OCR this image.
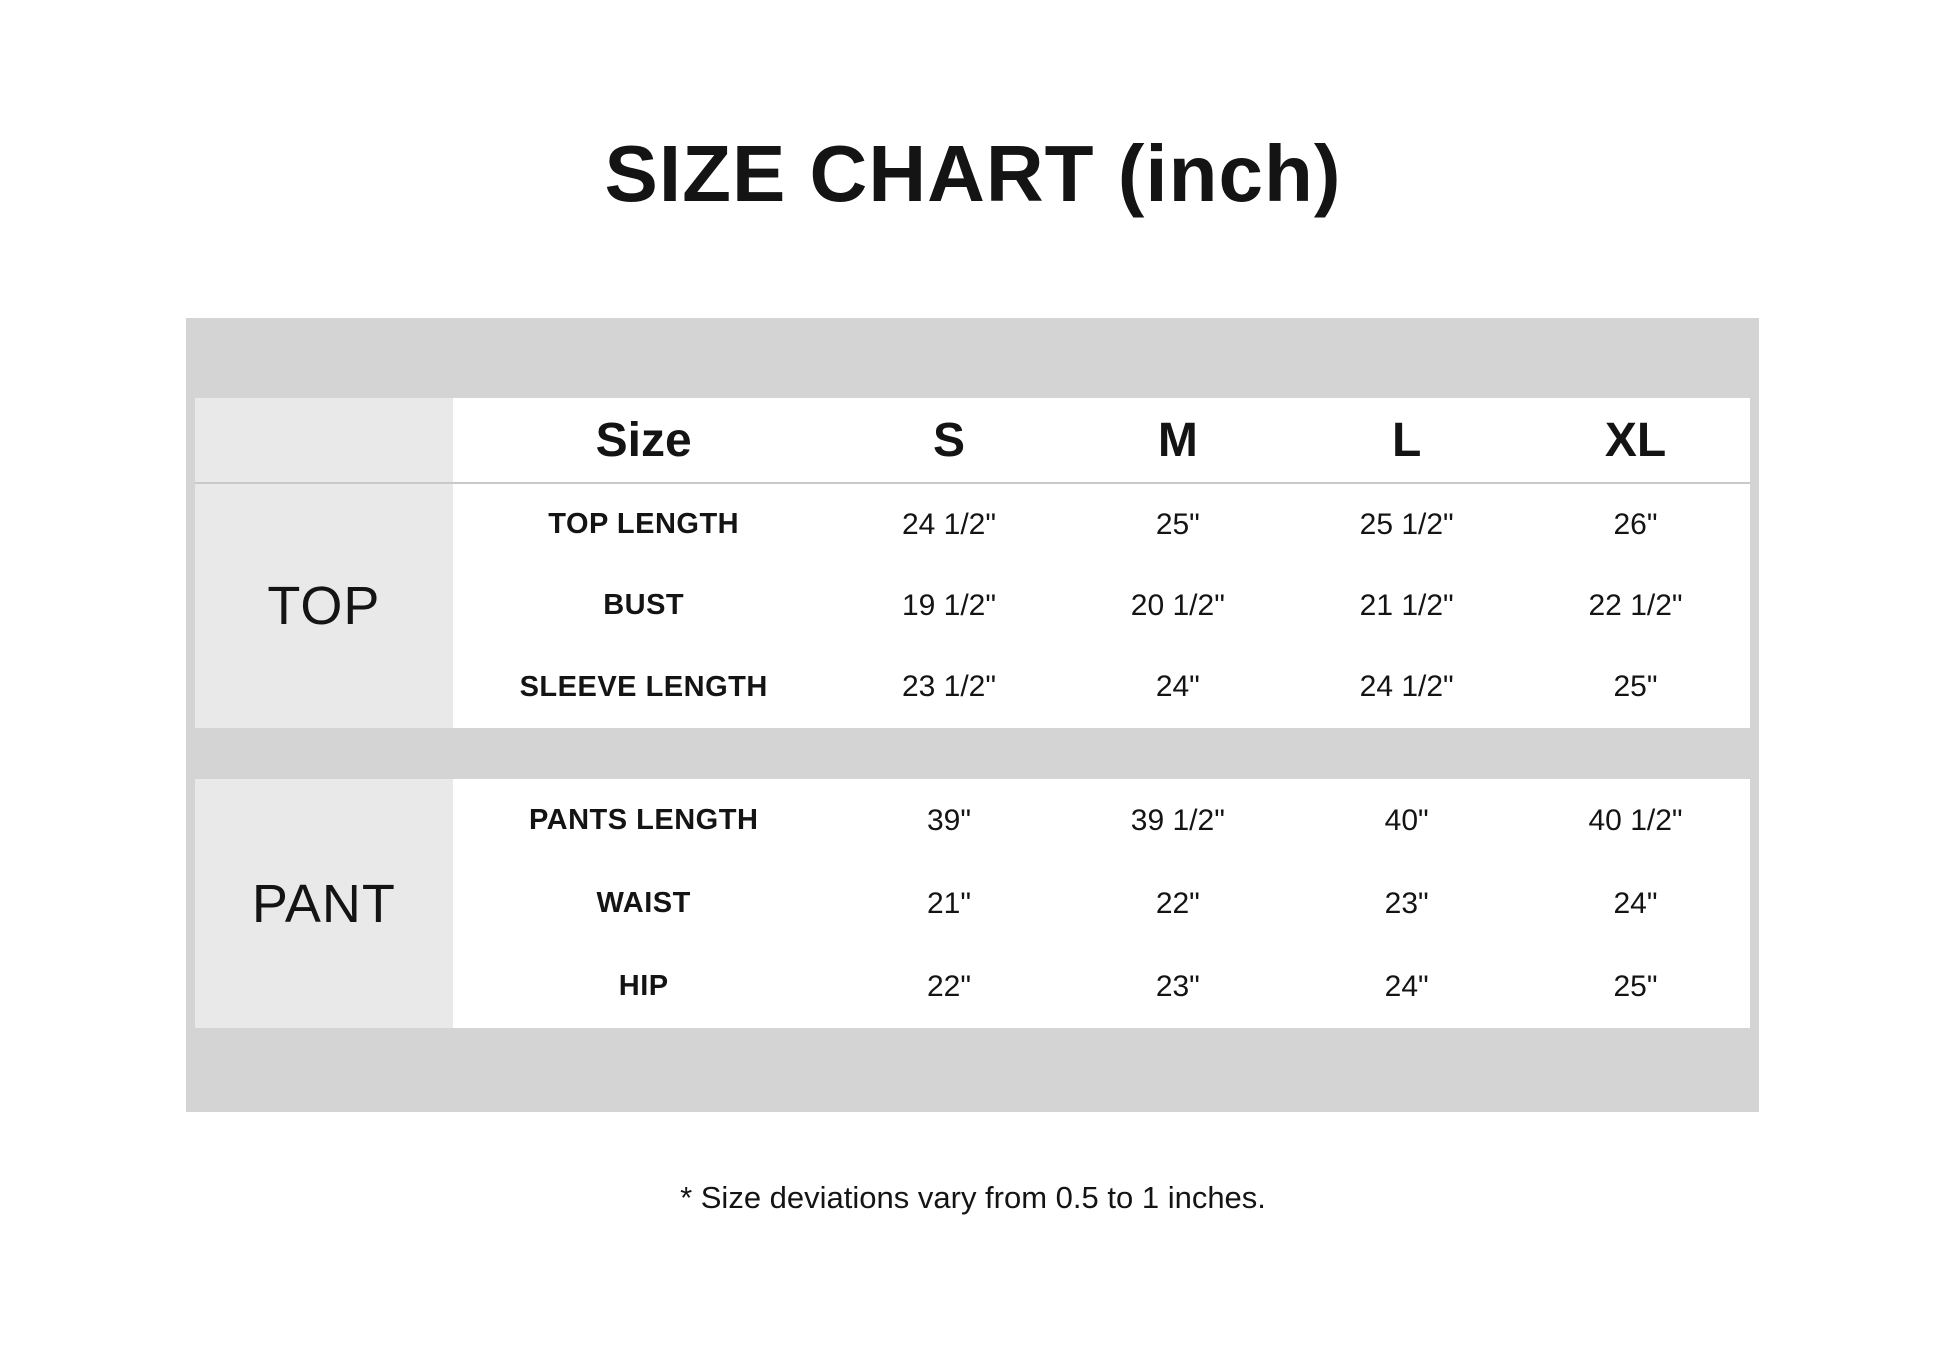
SIZE CHART (inch)
Size	S	M	L	XL
TOP
TOP LENGTH	24 1/2"	25"	25 1/2"	26"
BUST	19 1/2"	20 1/2"	21 1/2"	22 1/2"
SLEEVE LENGTH	23 1/2"	24"	24 1/2"	25"
PANT
PANTS LENGTH	39"	39 1/2"	40"	40 1/2"
WAIST	21"	22"	23"	24"
HIP	22"	23"	24"	25"
* Size deviations vary from 0.5 to 1 inches.
